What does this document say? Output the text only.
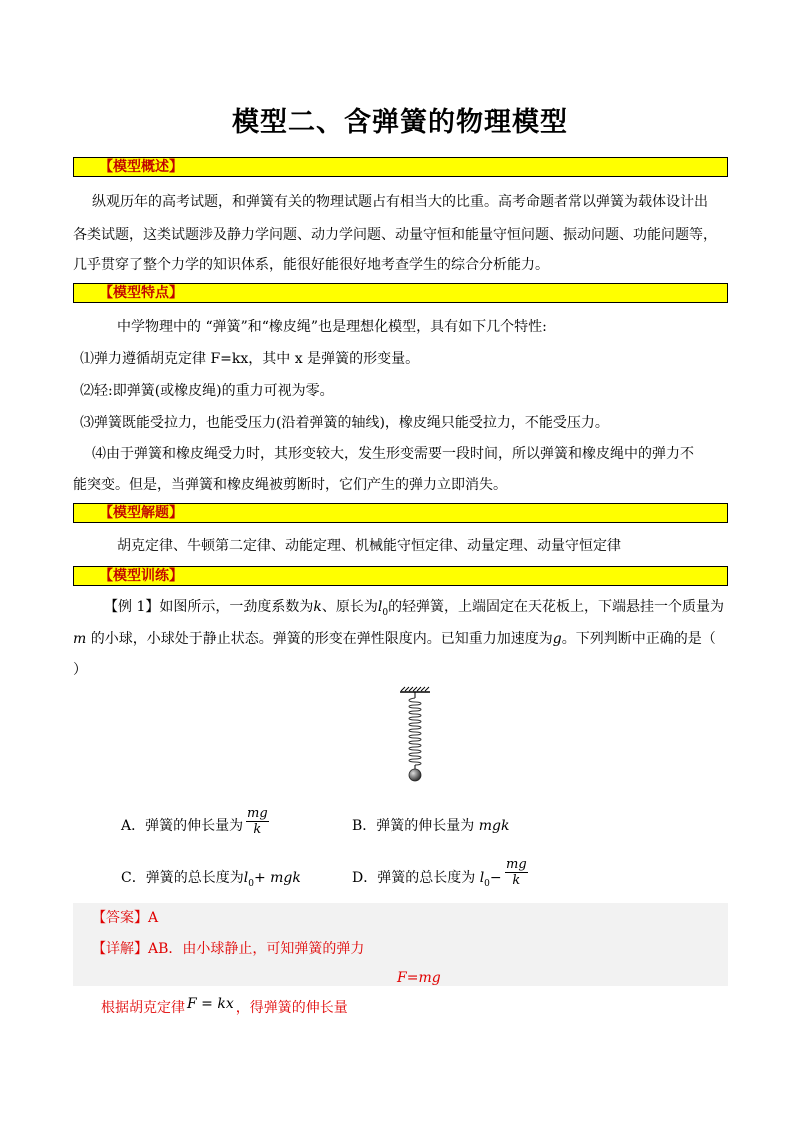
模型二、含弹簧的物理模型
【模型概述】
纵观历年的高考试题，和弹簧有关的物理试题占有相当大的比重。高考命题者常以弹簧为载体设计出
各类试题，这类试题涉及静力学问题、动力学问题、动量守恒和能量守恒问题、振动问题、功能问题等，
几乎贯穿了整个力学的知识体系，能很好能很好地考查学生的综合分析能力。
【模型特点】
中学物理中的 “弹簧”和“橡皮绳”也是理想化模型，具有如下几个特性:
⑴弹力遵循胡克定律 F=kx，其中 x 是弹簧的形变量。
⑵轻:即弹簧(或橡皮绳)的重力可视为零。
⑶弹簧既能受拉力，也能受压力(沿着弹簧的轴线)，橡皮绳只能受拉力，不能受压力。
⑷由于弹簧和橡皮绳受力时，其形变较大，发生形变需要一段时间，所以弹簧和橡皮绳中的弹力不
能突变。但是，当弹簧和橡皮绳被剪断时，它们产生的弹力立即消失。
【模型解题】
胡克定律、牛顿第二定律、动能定理、机械能守恒定律、动量定理、动量守恒定律
【模型训练】
【例 1】如图所示，一劲度系数为k、原长为$l_0$的轻弹簧，上端固定在天花板上，下端悬挂一个质量为
m 的小球，小球处于静止状态。弹簧的形变在弹性限度内。已知重力加速度为g。下列判断中正确的是（
）
A．弹簧的伸长量为 $\frac{mg}{k}$	B．弹簧的伸长量为 mgk
C．弹簧的总长度为$l_0+$ mgk	D．弹簧的总长度为 $l_0- \frac{mg}{k}$
【答案】A
【详解】AB．由小球静止，可知弹簧的弹力
F=mg
根据胡克定律 F = kx ，得弹簧的伸长量
